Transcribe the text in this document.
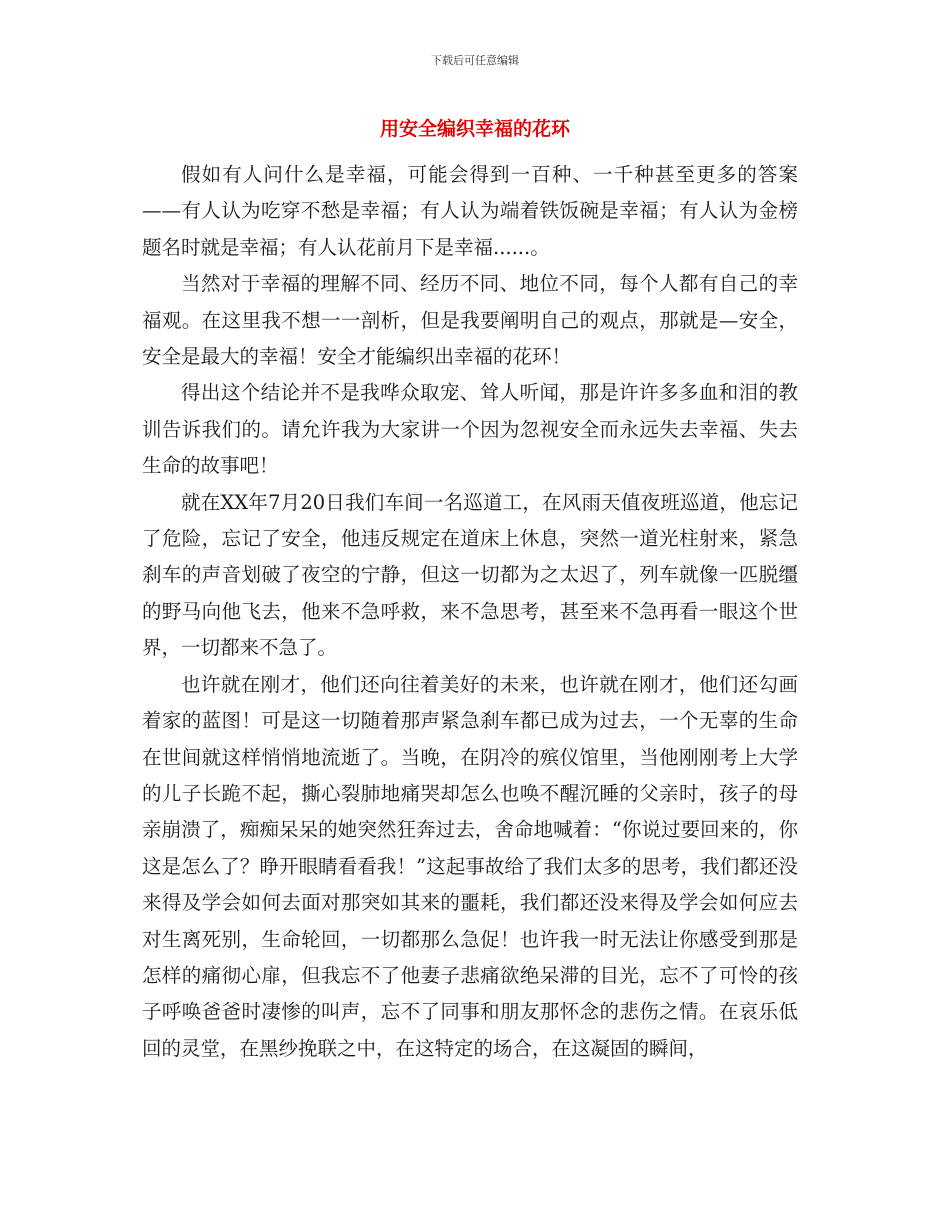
下载后可任意编辑
用安全编织幸福的花环

假如有人问什么是幸福，可能会得到一百种、一千种甚至更多的答案——有人认为吃穿不愁是幸福；有人认为端着铁饭碗是幸福；有人认为金榜题名时就是幸福；有人认花前月下是幸福......。

当然对于幸福的理解不同、经历不同、地位不同，每个人都有自己的幸福观。在这里我不想一一剖析，但是我要阐明自己的观点，那就是—安全，安全是最大的幸福！安全才能编织出幸福的花环！

得出这个结论并不是我哗众取宠、耸人听闻，那是许许多多血和泪的教训告诉我们的。请允许我为大家讲一个因为忽视安全而永远失去幸福、失去生命的故事吧！

就在XX年7月20日我们车间一名巡道工，在风雨天值夜班巡道，他忘记了危险，忘记了安全，他违反规定在道床上休息，突然一道光柱射来，紧急刹车的声音划破了夜空的宁静，但这一切都为之太迟了，列车就像一匹脱缰的野马向他飞去，他来不急呼救，来不急思考，甚至来不急再看一眼这个世界，一切都来不急了。

也许就在刚才，他们还向往着美好的未来，也许就在刚才，他们还勾画着家的蓝图！可是这一切随着那声紧急刹车都已成为过去，一个无辜的生命在世间就这样悄悄地流逝了。当晚，在阴冷的殡仪馆里，当他刚刚考上大学的儿子长跪不起，撕心裂肺地痛哭却怎么也唤不醒沉睡的父亲时，孩子的母亲崩溃了，痴痴呆呆的她突然狂奔过去，舍命地喊着：“你说过要回来的，你这是怎么了？睁开眼睛看看我！”这起事故给了我们太多的思考，我们都还没来得及学会如何去面对那突如其来的噩耗，我们都还没来得及学会如何应去对生离死别，生命轮回，一切都那么急促！也许我一时无法让你感受到那是怎样的痛彻心扉，但我忘不了他妻子悲痛欲绝呆滞的目光，忘不了可怜的孩子呼唤爸爸时凄惨的叫声，忘不了同事和朋友那怀念的悲伤之情。在哀乐低回的灵堂，在黑纱挽联之中，在这特定的场合，在这凝固的瞬间，
